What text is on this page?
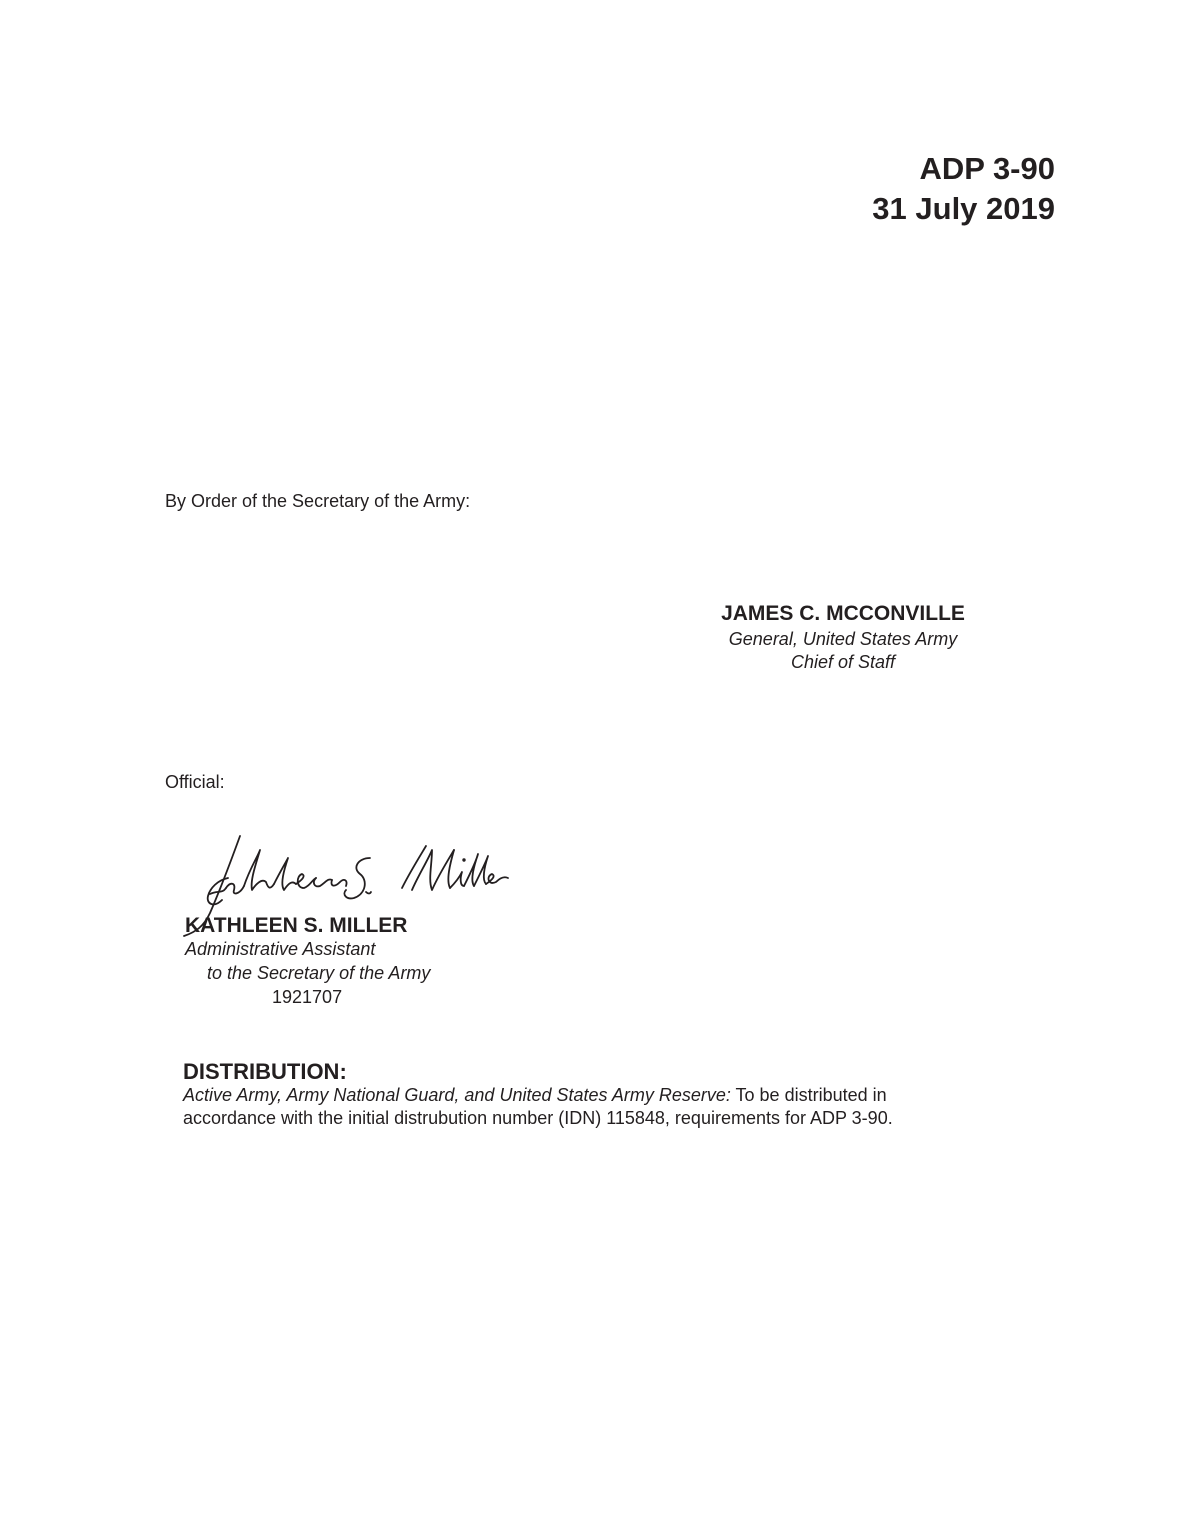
ADP 3-90
31 July 2019
By Order of the Secretary of the Army:
JAMES C. MCCONVILLE
General, United States Army
Chief of Staff
Official:
KATHLEEN S. MILLER
Administrative Assistant
to the Secretary of the Army
1921707
DISTRIBUTION:
Active Army, Army National Guard, and United States Army Reserve: To be distributed in
accordance with the initial distrubution number (IDN) 115848, requirements for ADP 3-90.
